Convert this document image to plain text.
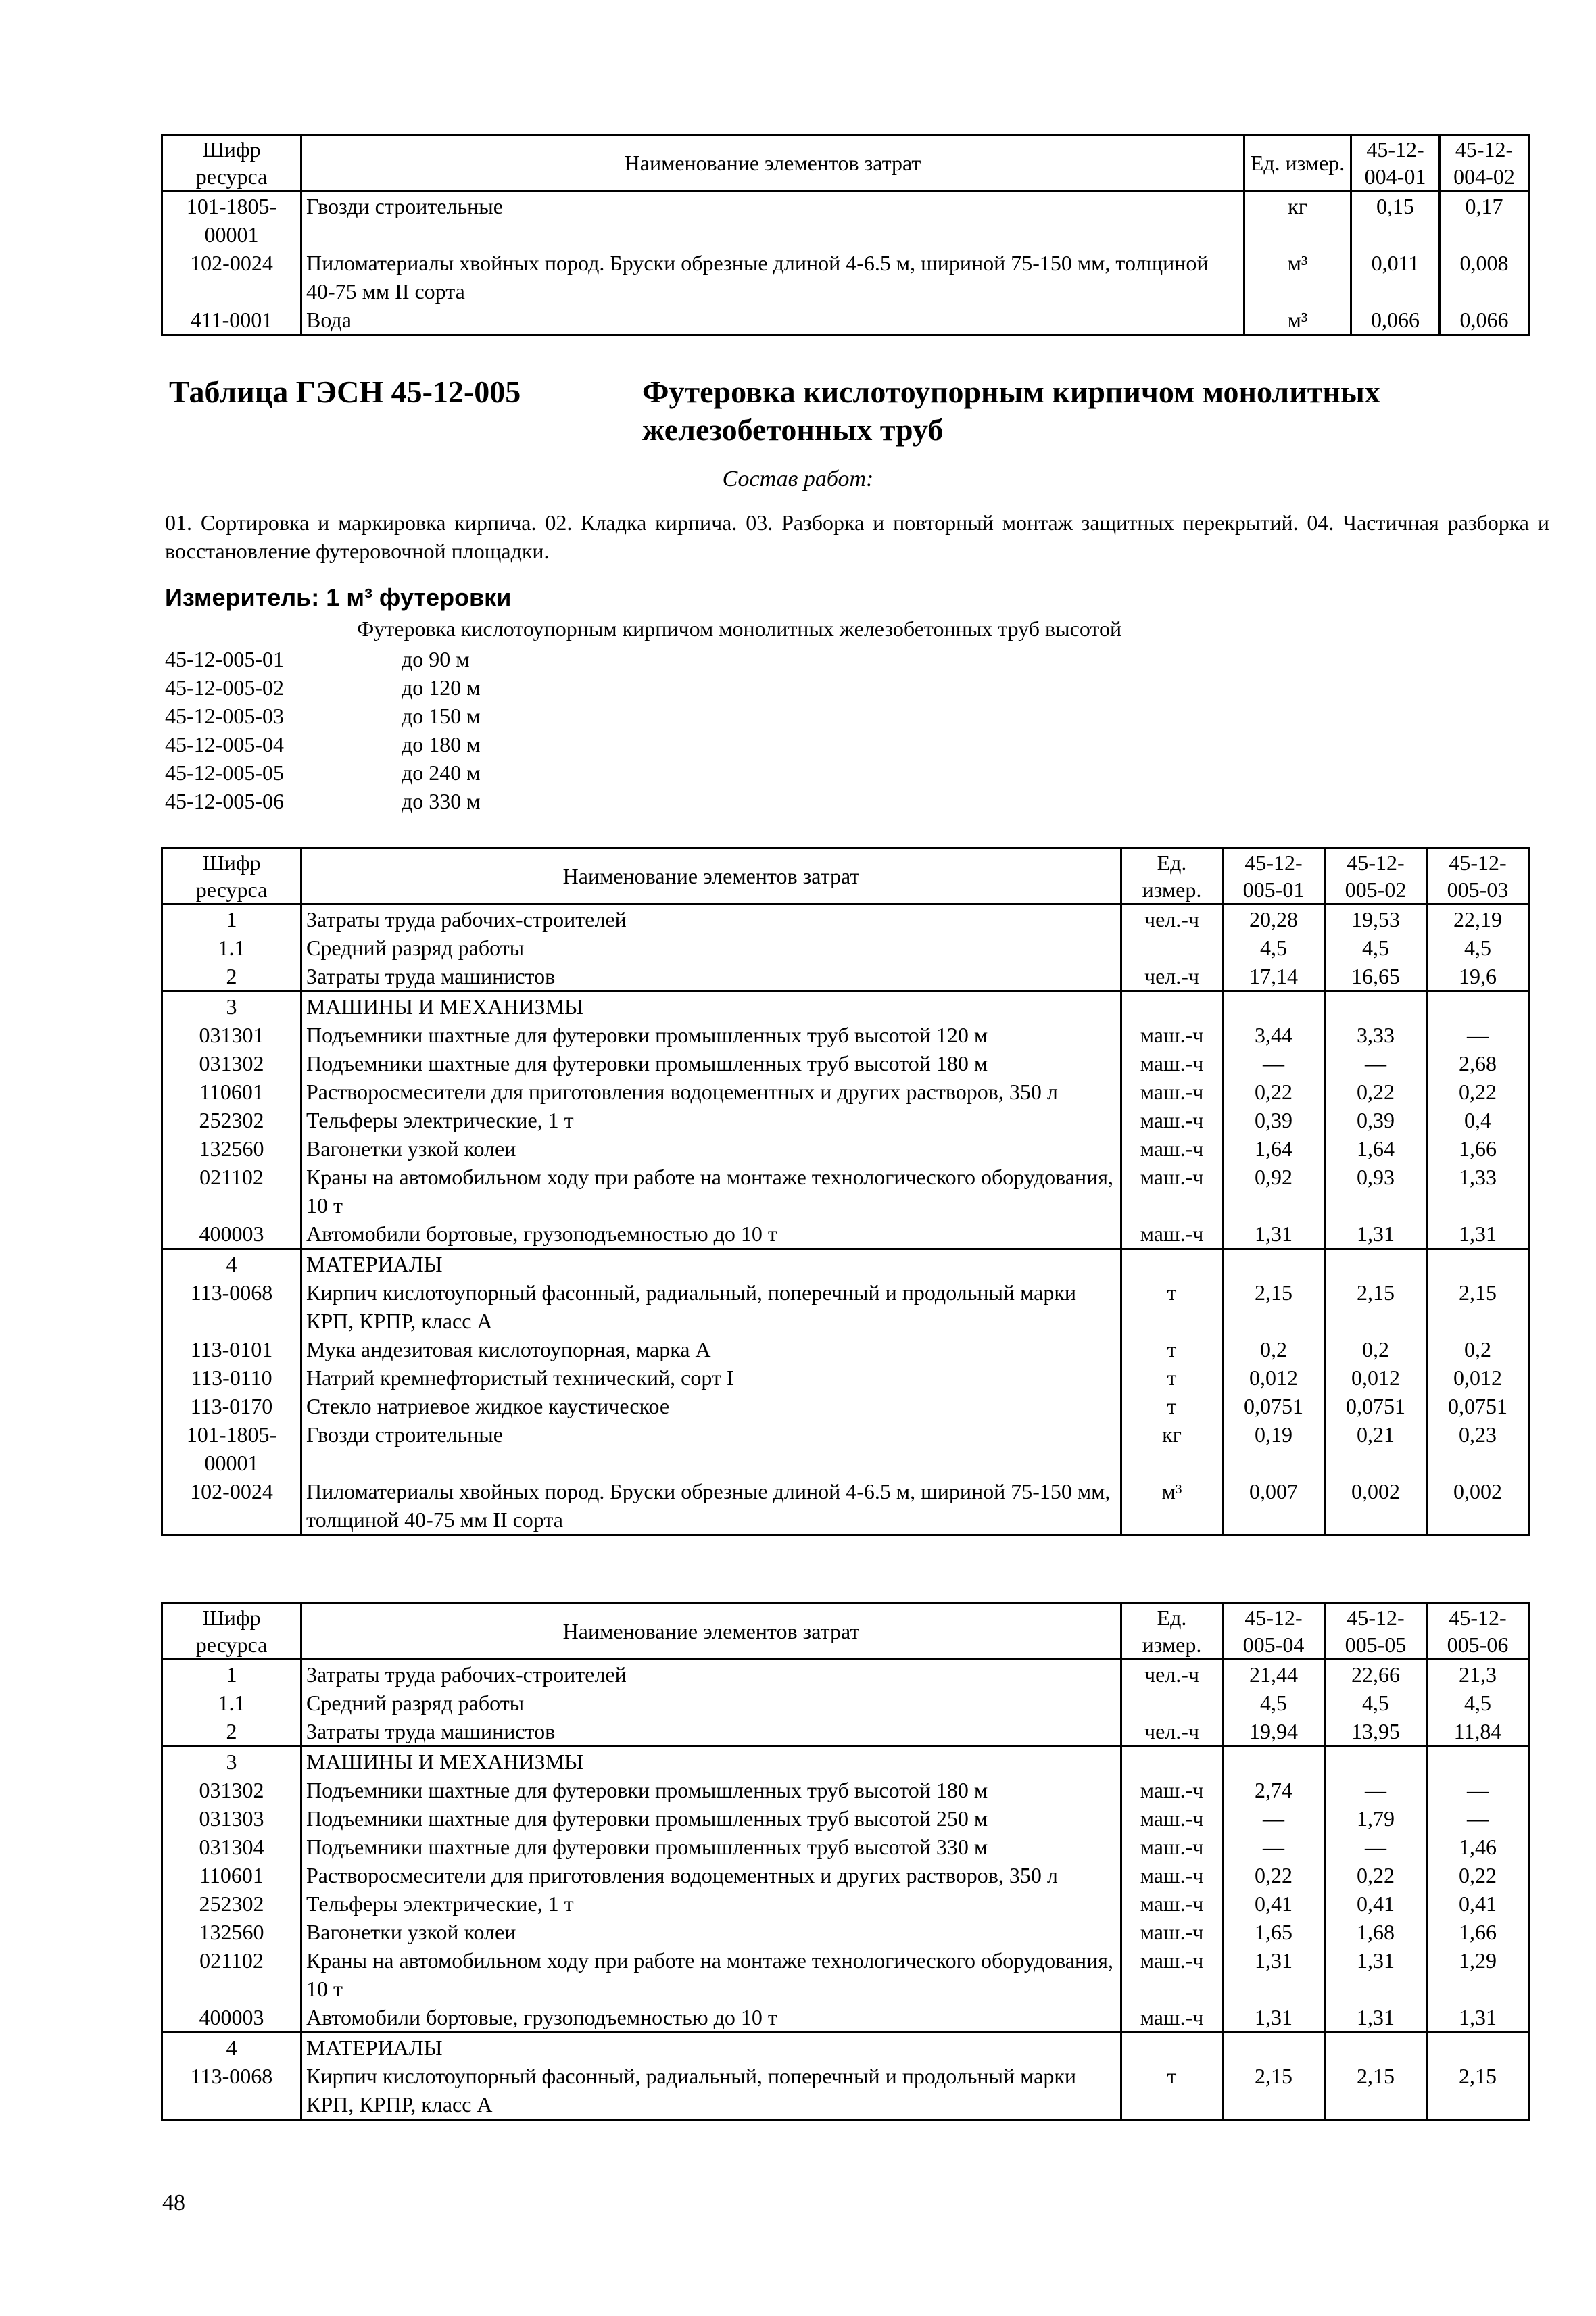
Шифр ресурса	Наименование элементов затрат	Ед. измер.	45-12-004-01	45-12-004-02
101-1805-00001	Гвозди строительные	кг	0,15	0,17
102-0024	Пиломатериалы хвойных пород. Бруски обрезные длиной 4-6.5 м, шириной 75-150 мм, толщиной 40-75 мм II сорта	м³	0,011	0,008
411-0001	Вода	м³	0,066	0,066
Таблица ГЭСН 45-12-005	Футеровка кислотоупорным кирпичом монолитных железобетонных труб
Состав работ:
01. Сортировка и маркировка кирпича. 02. Кладка кирпича. 03. Разборка и повторный монтаж защитных перекрытий. 04. Частичная разборка и восстановление футеровочной площадки.
Измеритель: 1 м³ футеровки
Футеровка кислотоупорным кирпичом монолитных железобетонных труб высотой
45-12-005-01	до 90 м
45-12-005-02	до 120 м
45-12-005-03	до 150 м
45-12-005-04	до 180 м
45-12-005-05	до 240 м
45-12-005-06	до 330 м
Шифр ресурса	Наименование элементов затрат	Ед. измер.	45-12-005-01	45-12-005-02	45-12-005-03
1	Затраты труда рабочих-строителей	чел.-ч	20,28	19,53	22,19
1.1	Средний разряд работы		4,5	4,5	4,5
2	Затраты труда машинистов	чел.-ч	17,14	16,65	19,6
3	МАШИНЫ И МЕХАНИЗМЫ				
031301	Подъемники шахтные для футеровки промышленных труб высотой 120 м	маш.-ч	3,44	3,33	—
031302	Подъемники шахтные для футеровки промышленных труб высотой 180 м	маш.-ч	—	—	2,68
110601	Растворосмесители для приготовления водоцементных и других растворов, 350 л	маш.-ч	0,22	0,22	0,22
252302	Тельферы электрические, 1 т	маш.-ч	0,39	0,39	0,4
132560	Вагонетки узкой колеи	маш.-ч	1,64	1,64	1,66
021102	Краны на автомобильном ходу при работе на монтаже технологического оборудования, 10 т	маш.-ч	0,92	0,93	1,33
400003	Автомобили бортовые, грузоподъемностью до 10 т	маш.-ч	1,31	1,31	1,31
4	МАТЕРИАЛЫ				
113-0068	Кирпич кислотоупорный фасонный, радиальный, поперечный и продольный марки КРП, КРПР, класс А	т	2,15	2,15	2,15
113-0101	Мука андезитовая кислотоупорная, марка А	т	0,2	0,2	0,2
113-0110	Натрий кремнефтористый технический, сорт I	т	0,012	0,012	0,012
113-0170	Стекло натриевое жидкое каустическое	т	0,0751	0,0751	0,0751
101-1805-00001	Гвозди строительные	кг	0,19	0,21	0,23
102-0024	Пиломатериалы хвойных пород. Бруски обрезные длиной 4-6.5 м, шириной 75-150 мм, толщиной 40-75 мм II сорта	м³	0,007	0,002	0,002
Шифр ресурса	Наименование элементов затрат	Ед. измер.	45-12-005-04	45-12-005-05	45-12-005-06
1	Затраты труда рабочих-строителей	чел.-ч	21,44	22,66	21,3
1.1	Средний разряд работы		4,5	4,5	4,5
2	Затраты труда машинистов	чел.-ч	19,94	13,95	11,84
3	МАШИНЫ И МЕХАНИЗМЫ				
031302	Подъемники шахтные для футеровки промышленных труб высотой 180 м	маш.-ч	2,74	—	—
031303	Подъемники шахтные для футеровки промышленных труб высотой 250 м	маш.-ч	—	1,79	—
031304	Подъемники шахтные для футеровки промышленных труб высотой 330 м	маш.-ч	—	—	1,46
110601	Растворосмесители для приготовления водоцементных и других растворов, 350 л	маш.-ч	0,22	0,22	0,22
252302	Тельферы электрические, 1 т	маш.-ч	0,41	0,41	0,41
132560	Вагонетки узкой колеи	маш.-ч	1,65	1,68	1,66
021102	Краны на автомобильном ходу при работе на монтаже технологического оборудования, 10 т	маш.-ч	1,31	1,31	1,29
400003	Автомобили бортовые, грузоподъемностью до 10 т	маш.-ч	1,31	1,31	1,31
4	МАТЕРИАЛЫ				
113-0068	Кирпич кислотоупорный фасонный, радиальный, поперечный и продольный марки КРП, КРПР, класс А	т	2,15	2,15	2,15
48
